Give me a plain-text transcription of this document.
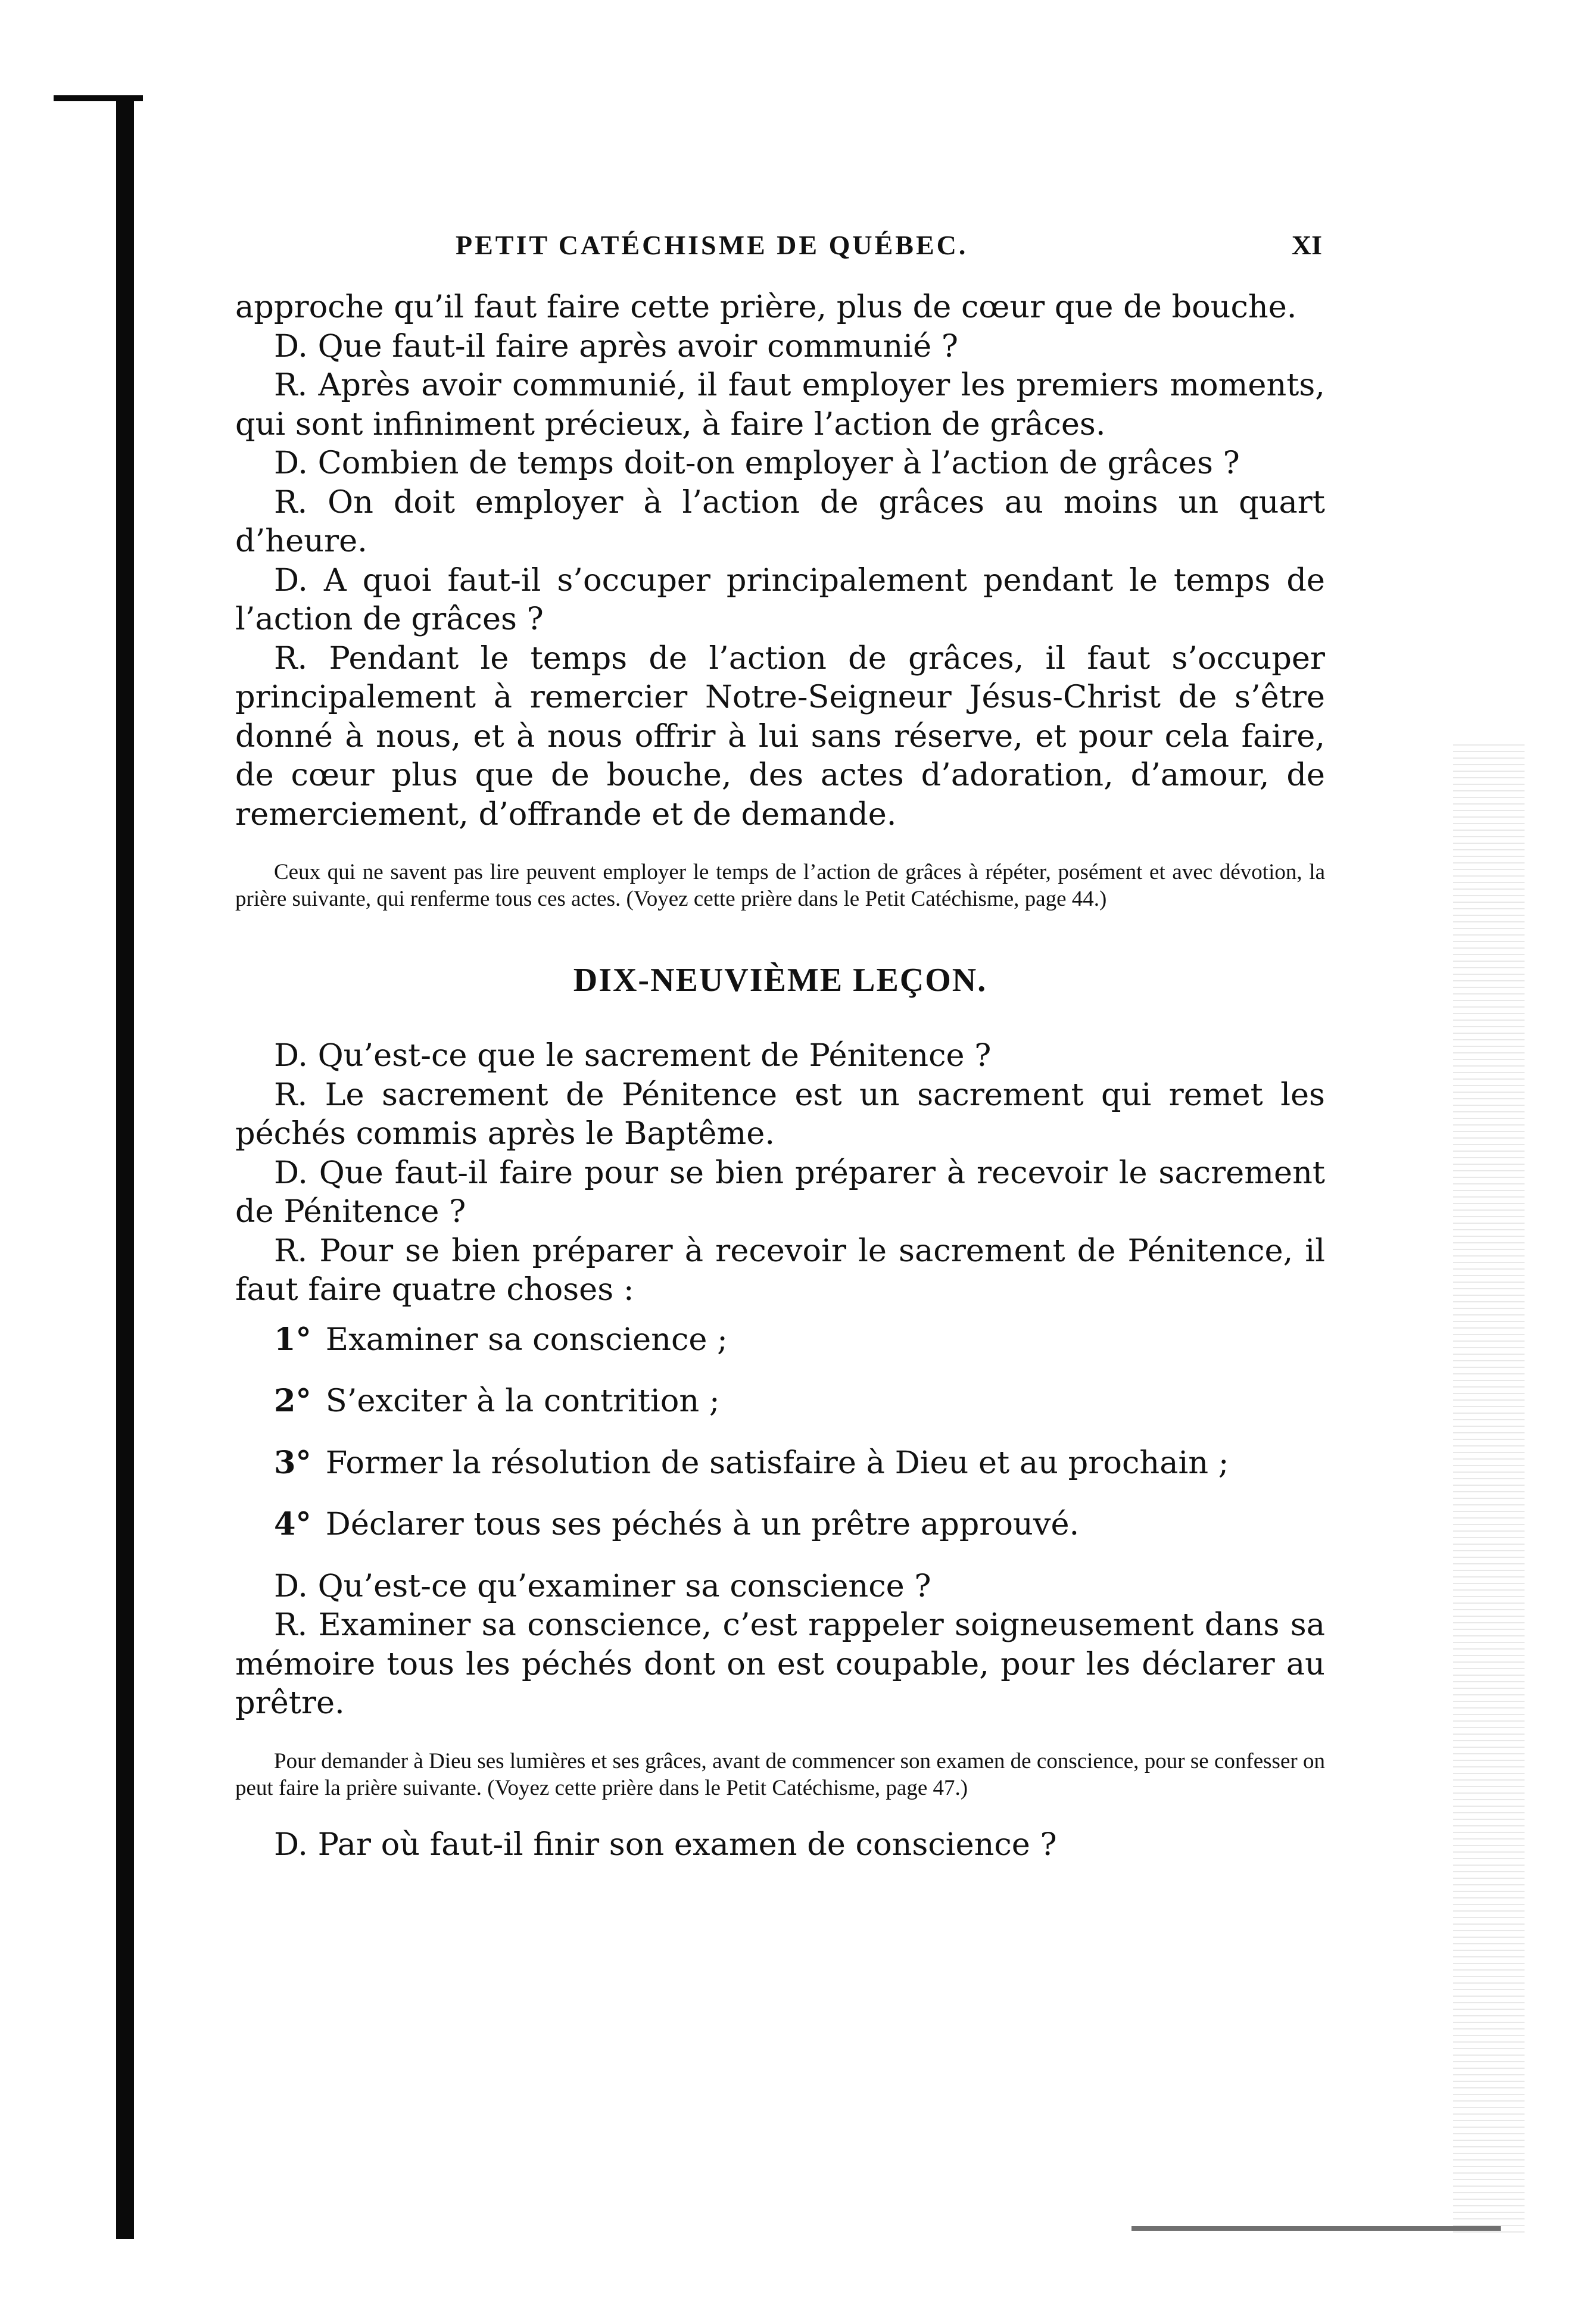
PETIT CATÉCHISME DE QUÉBEC.	XI

approche qu’il faut faire cette prière, plus de cœur que de bouche.

D. Que faut-il faire après avoir communié ?

R. Après avoir communié, il faut employer les premiers moments, qui sont infiniment précieux, à faire l’action de grâces.

D. Combien de temps doit-on employer à l’action de grâces ?

R. On doit employer à l’action de grâces au moins un quart d’heure.

D. A quoi faut-il s’occuper principalement pendant le temps de l’action de grâces ?

R. Pendant le temps de l’action de grâces, il faut s’occuper principalement à remercier Notre-Seigneur Jésus-Christ de s’être donné à nous, et à nous offrir à lui sans réserve, et pour cela faire, de cœur plus que de bouche, des actes d’adoration, d’amour, de remerciement, d’offrande et de demande.

Ceux qui ne savent pas lire peuvent employer le temps de l’action de grâces à répéter, posément et avec dévotion, la prière suivante, qui renferme tous ces actes. (Voyez cette prière dans le Petit Catéchisme, page 44.)

DIX-NEUVIÈME LEÇON.

D. Qu’est-ce que le sacrement de Pénitence ?

R. Le sacrement de Pénitence est un sacrement qui remet les péchés commis après le Baptême.

D. Que faut-il faire pour se bien préparer à recevoir le sacrement de Pénitence ?

R. Pour se bien préparer à recevoir le sacrement de Pénitence, il faut faire quatre choses :

1° Examiner sa conscience ;

2° S’exciter à la contrition ;

3° Former la résolution de satisfaire à Dieu et au prochain ;

4° Déclarer tous ses péchés à un prêtre approuvé.

D. Qu’est-ce qu’examiner sa conscience ?

R. Examiner sa conscience, c’est rappeler soigneusement dans sa mémoire tous les péchés dont on est coupable, pour les déclarer au prêtre.

Pour demander à Dieu ses lumières et ses grâces, avant de commencer son examen de conscience, pour se confesser on peut faire la prière suivante. (Voyez cette prière dans le Petit Catéchisme, page 47.)

D. Par où faut-il finir son examen de conscience ?
